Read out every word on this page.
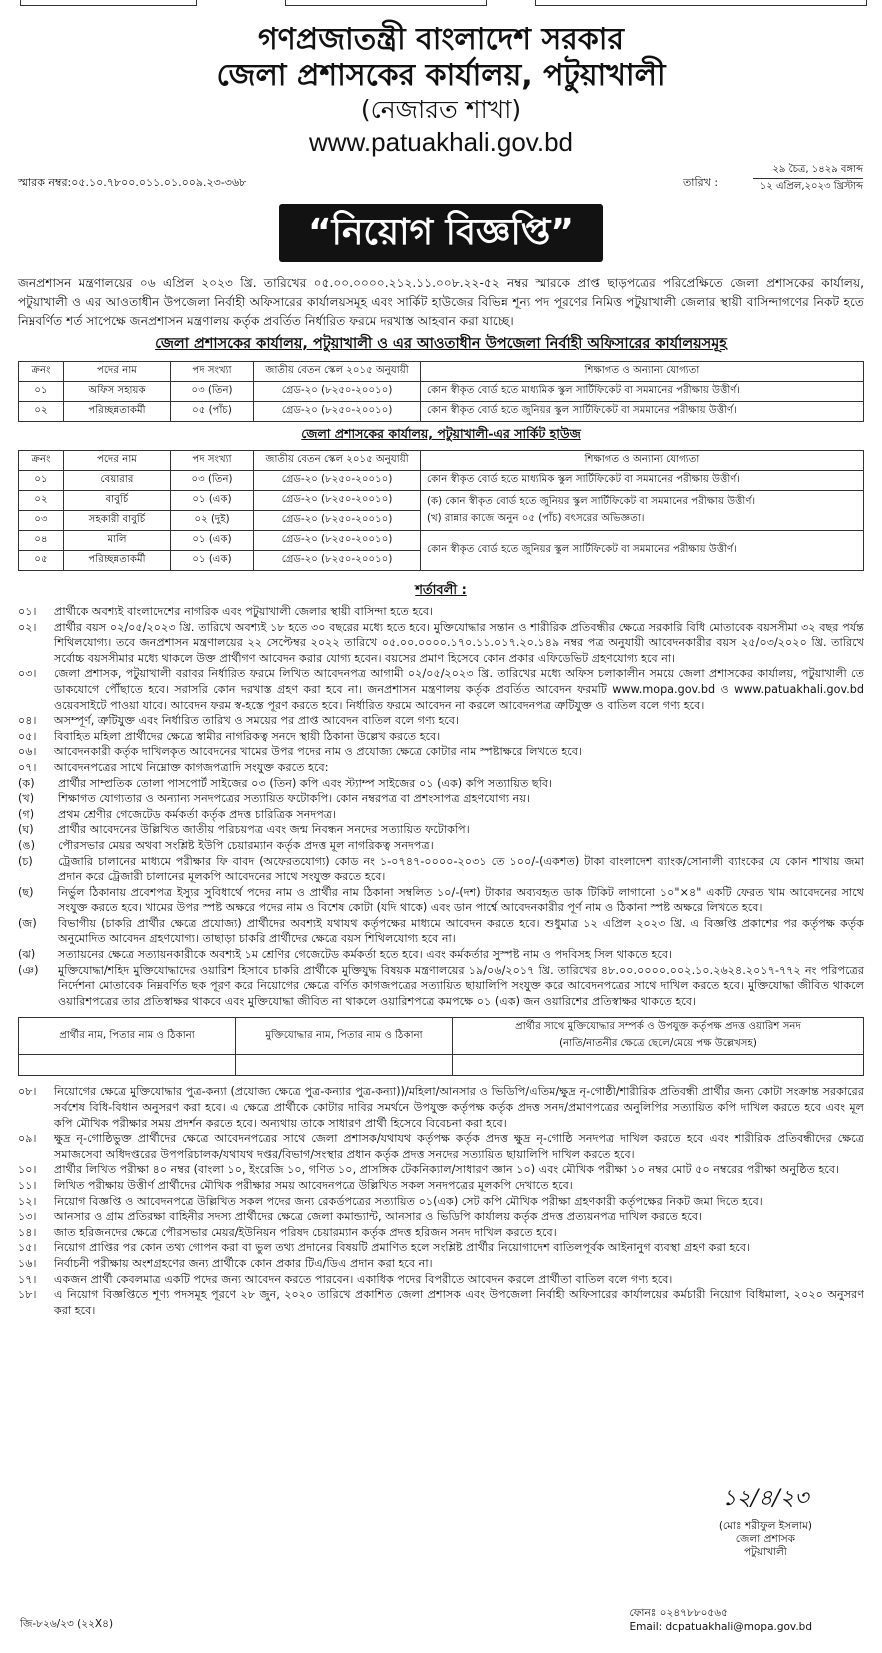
গণপ্রজাতন্ত্রী বাংলাদেশ সরকার
জেলা প্রশাসকের কার্যালয়, পটুয়াখালী
(নেজারত শাখা)
www.patuakhali.gov.bd
স্মারক নম্বর:০৫.১০.৭৮০০.০১১.০১.০০৯.২৩-৩৬৮	তারিখ :
২৯ চৈত্র, ১৪২৯ বঙ্গাব্দ
১২ এপ্রিল,২০২৩ খ্রিস্টাব্দ
“নিয়োগ বিজ্ঞপ্তি”
জনপ্রশাসন মন্ত্রণালয়ের ০৬ এপ্রিল ২০২৩ খ্রি. তারিখের ০৫.০০.০০০০.২১২.১১.০০৮.২২-৫২ নম্বর স্মারকে প্রাপ্ত ছাড়পত্রের পরিপ্রেক্ষিতে জেলা প্রশাসকের কার্যালয়, পটুয়াখালী ও এর আওতাধীন উপজেলা নির্বাহী অফিসারের কার্যালয়সমূহ এবং সার্কিট হাউজের বিভিন্ন শূন্য পদ পূরণের নিমিত্ত পটুয়াখালী জেলার স্থায়ী বাসিন্দাগণের নিকট হতে নিম্নবর্ণিত শর্ত সাপেক্ষে জনপ্রশাসন মন্ত্রণালয় কর্তৃক প্রবর্তিত নির্ধারিত ফরমে দরখাস্ত আহবান করা যাচ্ছে।
জেলা প্রশাসকের কার্যালয়, পটুয়াখালী ও এর আওতাধীন উপজেলা নির্বাহী অফিসারের কার্যালয়সমূহ
ক্রনং	পদের নাম	পদ সংখ্যা	জাতীয় বেতন স্কেল ২০১৫ অনুযায়ী	শিক্ষাগত ও অন্যান্য যোগ্যতা
০১	অফিস সহায়ক	০৩ (তিন)	গ্রেড-২০ (৮২৫০-২০০১০)	কোন স্বীকৃত বোর্ড হতে মাধ্যমিক স্কুল সার্টিফিকেট বা সমমানের পরীক্ষায় উত্তীর্ণ।
০২	পরিচ্ছন্নতাকর্মী	০৫ (পাঁচ)	গ্রেড-২০ (৮২৫০-২০০১০)	কোন স্বীকৃত বোর্ড হতে জুনিয়র স্কুল সার্টিফিকেট বা সমমানের পরীক্ষায় উত্তীর্ণ।
জেলা প্রশাসকের কার্যালয়, পটুয়াখালী-এর সার্কিট হাউজ
ক্রনং	পদের নাম	পদ সংখ্যা	জাতীয় বেতন স্কেল ২০১৫ অনুযায়ী	শিক্ষাগত ও অন্যান্য যোগ্যতা
০১	বেয়ারার	০৩ (তিন)	গ্রেড-২০ (৮২৫০-২০০১০)	কোন স্বীকৃত বোর্ড হতে মাধ্যমিক স্কুল সার্টিফিকেট বা সমমানের পরীক্ষায় উত্তীর্ণ।
০২	বাবুর্চি	০১ (এক)	গ্রেড-২০ (৮২৫০-২০০১০)	(ক) কোন স্বীকৃত বোর্ড হতে জুনিয়র স্কুল সার্টিফিকেট বা সমমানের পরীক্ষায় উত্তীর্ণ।
(খ) রান্নার কাজে অনুন ০৫ (পাঁচ) বৎসরের অভিজ্ঞতা।

০৩	সহকারী বাবুর্চি	০২ (দুই)	গ্রেড-২০ (৮২৫০-২০০১০)	
০৪	মালি	০১ (এক)	গ্রেড-২০ (৮২৫০-২০০১০)	কোন স্বীকৃত বোর্ড হতে জুনিয়র স্কুল সার্টিফিকেট বা সমমানের পরীক্ষায় উত্তীর্ণ।
০৫	পরিচ্ছন্নতাকর্মী	০১ (এক)	গ্রেড-২০ (৮২৫০-২০০১০)	
শর্তাবলী :
০১।	প্রার্থীকে অবশ্যই বাংলাদেশের নাগরিক এবং পটুয়াখালী জেলার স্থায়ী বাসিন্দা হতে হবে।
০২।	প্রার্থীর বয়স ০২/০৫/২০২৩ খ্রি. তারিখে অবশ্যই ১৮ হতে ৩০ বছরের মধ্যে হতে হবে। মুক্তিযোদ্ধার সন্তান ও শারীরিক প্রতিবন্ধীর ক্ষেত্রে সরকারি বিধি মোতাবেক বয়সসীমা ৩২ বছর পর্যন্ত শিথিলযোগ্য। তবে জনপ্রশাসন মন্ত্রণালয়ের ২২ সেপ্টেম্বর ২০২২ তারিখে ০৫.০০.০০০০.১৭০.১১.০১৭.২০.১৪৯ নম্বর পত্র অনুযায়ী আবেদনকারীর বয়স ২৫/০৩/২০২০ খ্রি. তারিখে সর্বোচ্চ বয়সসীমার মধ্যে থাকলে উক্ত প্রার্থীগণ আবেদন করার যোগ্য হবেন। বয়সের প্রমাণ হিসেবে কোন প্রকার এফিডেভিট গ্রহণযোগ্য হবে না।
০৩।	জেলা প্রশাসক, পটুয়াখালী বরাবর নির্ধারিত ফরমে লিখিত আবেদনপত্র আগামী ০২/০৫/২০২৩ খ্রি. তারিখের মধ্যে অফিস চলাকালীন সময়ে জেলা প্রশাসকের কার্যালয়, পটুয়াখালী তে ডাকযোগে পৌঁছাতে হবে। সরাসরি কোন দরখাস্ত গ্রহণ করা হবে না। জনপ্রশাসন মন্ত্রণালয় কর্তৃক প্রবর্তিত আবেদন ফরমটি www.mopa.gov.bd ও www.patuakhali.gov.bd ওয়েবসাইটে পাওয়া যাবে। আবেদন ফরম স্ব-হস্তে পূরণ করতে হবে। নির্ধারিত ফরমে আবেদন না করলে আবেদনপত্র ত্রুটিযুক্ত ও বাতিল বলে গণ্য হবে।
০৪।	অসম্পূর্ণ, ত্রুটিযুক্ত এবং নির্ধারিত তারিখ ও সময়ের পর প্রাপ্ত আবেদন বাতিল বলে গণ্য হবে।
০৫।	বিবাহিত মহিলা প্রার্থীদের ক্ষেত্রে স্বামীর নাগরিকত্ব সনদে স্থায়ী ঠিকানা উল্লেখ করতে হবে।
০৬।	আবেদনকারী কর্তৃক দাখিলকৃত আবেদনের খামের উপর পদের নাম ও প্রযোজ্য ক্ষেত্রে কোটার নাম স্পষ্টাক্ষরে লিখতে হবে।
০৭।	আবেদনপত্রের সাথে নিম্নোক্ত কাগজপত্রাদি সংযুক্ত করতে হবে:
(ক)	প্রার্থীর সাম্প্রতিক তোলা পাসপোর্ট সাইজের ০৩ (তিন) কপি এবং স্ট্যাম্প সাইজের ০১ (এক) কপি সত্যায়িত ছবি।
(খ)	শিক্ষাগত যোগ্যতার ও অন্যান্য সনদপত্রের সত্যায়িত ফটোকপি। কোন নম্বরপত্র বা প্রশংসাপত্র গ্রহণযোগ্য নয়।
(গ)	প্রথম শ্রেণীর গেজেটেড কর্মকর্তা কর্তৃক প্রদত্ত চারিত্রিক সনদপত্র।
(ঘ)	প্রার্থীর আবেদনের উল্লিখিত জাতীয় পরিচয়পত্র এবং জন্ম নিবন্ধন সনদের সত্যায়িত ফটোকপি।
(ঙ)	পৌরসভার মেয়র অথবা সংশ্লিষ্ট ইউপি চেয়ারম্যান কর্তৃক প্রদত্ত মূল নাগরিকত্ব সনদপত্র।
(চ)	ট্রেজারি চালানের মাধ্যমে পরীক্ষার ফি বাবদ (অফেরতযোগ্য) কোড নং ১-০৭৪৭-০০০০-২০৩১ তে ১০০/-(একশত) টাকা বাংলাদেশ ব্যাংক/সোনালী ব্যাংকের যে কোন শাখায় জমা প্রদান করে ট্রেজারী চালানের মূলকপি আবেদনের সাথে সংযুক্ত করতে হবে।
(ছ)	নির্ভুল ঠিকানায় প্রবেশপত্র ইস্যুর সুবিধার্থে পদের নাম ও প্রার্থীর নাম ঠিকানা সম্বলিত ১০/-(দশ) টাকার অব্যবহৃত ডাক টিকিট লাগানো ১০"×৪" একটি ফেরত খাম আবেদনের সাথে সংযুক্ত করতে হবে। খামের উপর স্পষ্ট অক্ষরে পদের নাম ও বিশেষ কোটা (যদি থাকে) এবং ডান পার্শ্বে আবেদনকারীর পূর্ণ নাম ও ঠিকানা স্পষ্ট অক্ষরে লিখতে হবে।
(জ)	বিভাগীয় (চাকরি প্রার্থীর ক্ষেত্রে প্রযোজ্য) প্রার্থীদের অবশ্যই যথাযথ কর্তৃপক্ষের মাধ্যমে আবেদন করতে হবে। শুধুমাত্র ১২ এপ্রিল ২০২৩ খ্রি. এ বিজ্ঞপ্তি প্রকাশের পর কর্তৃপক্ষ কর্তৃক অনুমোদিত আবেদন গ্রহণযোগ্য। তাছাড়া চাকরি প্রার্থীদের ক্ষেত্রে বয়স শিথিলযোগ্য হবে না।
(ঝ)	সত্যায়নের ক্ষেত্রে সত্যায়নকারীকে অবশ্যই ১ম শ্রেণির গেজেটেড কর্মকর্তা হতে হবে। এবং কর্মকর্তার সুস্পষ্ট নাম ও পদবিসহ সিল থাকতে হবে।
(ঞ)	মুক্তিযোদ্ধা/শহিদ মুক্তিযোদ্ধাদের ওয়ারিশ হিসাবে চাকরি প্রার্থীকে মুক্তিযুদ্ধ বিষয়ক মন্ত্রণালয়ের ১৯/০৬/২০১৭ খ্রি. তারিখের ৪৮.০০.০০০০.০০২.১০.২৬২৪.২০১৭-৭৭২ নং পরিপত্রের নির্দেশনা মোতাবেক নিম্নবর্ণিত ছক পূরণ করে নিয়োগের ক্ষেত্রে বর্ণিত কাগজপত্রের সত্যায়িত ছায়ালিপি সংযুক্ত করে আবেদনপত্রের সাথে দাখিল করতে হবে। মুক্তিযোদ্ধা জীবিত থাকলে ওয়ারিশপত্রের তার প্রতিস্বাক্ষর থাকবে এবং মুক্তিযোদ্ধা জীবিত না থাকলে ওয়ারিশপত্রে কমপক্ষে ০১ (এক) জন ওয়ারিশের প্রতিস্বাক্ষর থাকতে হবে।
প্রার্থীর নাম, পিতার নাম ও ঠিকানা	মুক্তিযোদ্ধার নাম, পিতার নাম ও ঠিকানা	প্রার্থীর সাথে মুক্তিযোদ্ধার সম্পর্ক ও উপযুক্ত কর্তৃপক্ষ প্রদত্ত ওয়ারিশ সনদ
(নাতি/নাতনীর ক্ষেত্রে ছেলে/মেয়ে পক্ষ উল্লেখসহ)

০৮।	নিয়োগের ক্ষেত্রে মুক্তিযোদ্ধার পুত্র-কন্যা (প্রযোজ্য ক্ষেত্রে পুত্র-কন্যার পুত্র-কন্যা))/মহিলা/আনসার ও ভিডিপি/এতিম/ক্ষুদ্র নৃ-গোষ্ঠী/শারীরিক প্রতিবন্ধী প্রার্থীর জন্য কোটা সংক্রান্ত সরকারের সর্বশেষ বিধি-বিধান অনুসরণ করা হবে। এ ক্ষেত্রে প্রার্থীকে কোটার দাবির সমর্থনে উপযুক্ত কর্তৃপক্ষ কর্তৃক প্রদত্ত সনদ/প্রমাণপত্রের অনুলিপির সত্যায়িত কপি দাখিল করতে হবে এবং মূল কপি মৌখিক পরীক্ষার সময় প্রদর্শন করতে হবে। অন্যথায় তাকে সাধারণ প্রার্থী হিসেবে বিবেচনা করা হবে।
০৯।	ক্ষুদ্র নৃ-গোষ্ঠিভুক্ত প্রার্থীদের ক্ষেত্রে আবেদনপত্রের সাথে জেলা প্রশাসক/যথাযথ কর্তৃপক্ষ কর্তৃক প্রদত্ত ক্ষুদ্র নৃ-গোষ্ঠি সনদপত্র দাখিল করতে হবে এবং শারীরিক প্রতিবন্ধীদের ক্ষেত্রে সমাজসেবা অধিদপ্তরের উপপরিচালক/যথাযথ দপ্তর/বিভাগ/সংস্থার প্রধান কর্তৃক প্রদত্ত সনদের সত্যায়িত ছায়ালিপি দাখিল করতে হবে।
১০।	প্রার্থীর লিখিত পরীক্ষা ৪০ নম্বর (বাংলা ১০, ইংরেজি ১০, গণিত ১০, প্রাসঙ্গিক টেকনিক্যাল/সাধারণ জ্ঞান ১০) এবং মৌখিক পরীক্ষা ১০ নম্বর মোট ৫০ নম্বরের পরীক্ষা অনুষ্ঠিত হবে।
১১।	লিখিত পরীক্ষায় উত্তীর্ণ প্রার্থীদের মৌখিক পরীক্ষার সময় আবেদনপত্রে উল্লিখিত সকল সনদপত্রের মূলকপি দেখাতে হবে।
১২।	নিয়োগ বিজ্ঞপ্তি ও আবেদনপত্রে উল্লিখিত সকল পদের জন্য রেকর্ডপত্রের সত্যায়িত ০১(এক) সেট কপি মৌখিক পরীক্ষা গ্রহণকারী কর্তৃপক্ষের নিকট জমা দিতে হবে।
১৩।	আনসার ও গ্রাম প্রতিরক্ষা বাহিনীর সদস্য প্রার্থীদের ক্ষেত্রে জেলা কমান্ড্যান্ট, আনসার ও ভিডিপি কার্যালয় কর্তৃক প্রদত্ত প্রত্যয়নপত্র দাখিল করতে হবে।
১৪।	জাত হরিজনদের ক্ষেত্রে পৌরসভার মেয়র/ইউনিয়ন পরিষদ চেয়ারম্যান কর্তৃক প্রদত্ত হরিজন সনদ দাখিল করতে হবে।
১৫।	নিয়োগ প্রাপ্তির পর কোন তথ্য গোপন করা বা ভুল তথ্য প্রদানের বিষয়টি প্রমাণিত হলে সংশ্লিষ্ট প্রার্থীর নিয়োগাদেশ বাতিলপূর্বক আইনানুগ ব্যবস্থা গ্রহণ করা হবে।
১৬।	নির্বাচনী পরীক্ষায় অংশগ্রহণের জন্য প্রার্থীকে কোন প্রকার টিএ/ডিএ প্রদান করা হবে না।
১৭।	একজন প্রার্থী কেবলমাত্র একটি পদের জন্য আবেদন করতে পারবেন। একাধিক পদের বিপরীতে আবেদন করলে প্রার্থীতা বাতিল বলে গণ্য হবে।
১৮।	এ নিয়োগ বিজ্ঞপ্তিতে শূণ্য পদসমূহ পূরণে ২৮ জুন, ২০২০ তারিখে প্রকাশিত জেলা প্রশাসক এবং উপজেলা নির্বাহী অফিসারের কার্যালয়ের কর্মচারী নিয়োগ বিধিমালা, ২০২০ অনুসরণ করা হবে।
১২/৪/২৩
(মোঃ শরীফুল ইসলাম)
জেলা প্রশাসক
পটুয়াখালী
ফোনঃ ০২৪৭৮৮০৫৬৫
Email: dcpatuakhali@mopa.gov.bd
জি-৮২৬/২৩ (২২X৪)
